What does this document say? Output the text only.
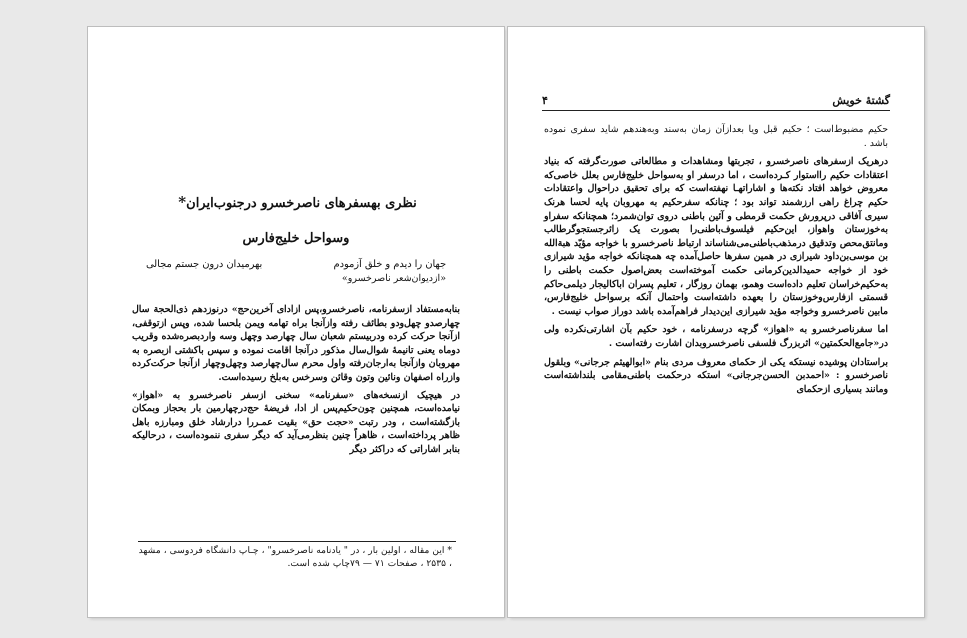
نظری بهسفرهای ناصرخسرو درجنوب‌ایران*
وسواحل خلیج‌فارس
جهان را دیدم و خلق آزمودم
بهرمیدان درون جستم مجالی
«ازدیوان‌شعر ناصرخسرو»

بنابه‌مستفاد ازسفرنامه، ناصرخسرو،پس ازادای آخرین‌حج» درنوزدهم ذی‌الحجة سال چهارصدو چهل‌ودو بطائف رفته وازآنجا براه تهامه ویمن بلحسا شده، وپس ازتوقفی، ازآنجا حرکت کرده ودربیستم شعبان سال چهارصد وچهل وسه واردبصره‌شده وقریب دوماه یعنی تانیمهٔ شوال‌سال مذکور درآنجا اقامت نموده و سپس باکشتی ازبصره به مهروبان وازآنجا به‌ارجان‌رفته واول محرم سال‌چهارصد وچهل‌وچهار ازآنجا حرکت‌کرده وازراه اصفهان ونائین وتون وقائن وسرخس به‌بلخ رسیده‌است.

در هیچیک ازنسخه‌های «سفرنامه» سخنی ازسفر ناصرخسرو به «اهواز» نیامده‌است، همچنین چون‌حکیم‌پس از ادا، فریضهٔ حج‌درچهارمین بار بحجاز وبمکان بازگشته‌است ، ودر رتبت «حجت حق» بقیت عمـررا درارشاد خلق ومبارزه باهل ظاهر پرداخته‌است ، ظاهراً چنین بنظرمی‌آید که دیگر سفری ننموده‌است ، درحالیکه بنابر اشاراتی که دراکثر دیگر

* این مقاله ، اولین بار ، در " یادنامه ناصرخسرو" ، چـاپ دانشگاه فردوسی ، مشهد ، ۲۵۳۵ ، صفحات ۷۱ — ۷۹چاپ شده است.
گشتهٔ خویش
۴

حکیم مضبوط‌است ؛ حکیم قبل ویا بعدازآن زمان به‌سند وبه‌هندهم شاید سفری نموده باشد .

درهریک ازسفرهای ناصرخسرو ، تجربتها ومشاهدات و مطالعاتی صورت‌گرفته که بنیاد اعتقادات حکیم رااستوار کـرده‌است ، اما درسفر او به‌سواحل خلیج‌فارس بعلل خاصی‌که معروض خواهد افتاد نکته‌ها و اشاراتهـا نهفته‌است که برای تحقیق دراحوال واعتقادات حکیم چراغ راهی ارزشمند تواند بود ؛ چنانکه سفرحکیم به مهروبان پایه لحسا هرنک سیری آفاقی درپرورش حکمت قرمطی و آئین باطنی دروی توان‌شمرد؛ همچنانکه سفراو به‌خوزستان واهواز، این‌حکیم فیلسوف‌باطنی‌را بصورت یک زائرجستجوگرطالب ومانتق‌محص وتدقیق درمذهب‌باطنی‌می‌شناساند ارتباط ناصرخسرو با خواجه مؤیّد هبة‌الله بن موسی‌بن‌داود شیرازی در همین سفرها حاصل‌آمده چه همچنانکه خواجه مؤید شیرازی خود از خواجه حمیدالدین‌کرمانی حکمت آموخته‌است بعض‌اصول حکمت باطنی را به‌حکیم‌خراسان تعلیم داده‌است وهمو، بهمان روزگار ، تعلیم پسران اباکالیجار دیلمی‌حاکم قسمتی ازفارس‌وخوزستان را بعهده داشته‌است واحتمال آنکه برسواحل خلیج‌فارس، مابین ناصرخسرو وخواجه مؤید شیرازی این‌دیدار فراهم‌آمده باشد دوراز صواب نیست .

اما سفرناصرخسرو به «اهواز» گرچه درسفرنامه ، خود حکیم بآن اشارتی‌نکرده ولی در«جامع‌الحکمتین» اثربزرگ فلسفی ناصرخسروبدان اشارت رفته‌است .

براستادان پوشیده نیستکه یکی از حکمای معروف مردی بنام «ابوالهیثم جرجانی» وبلقول ناصرخسرو : «احمدبن الحسن‌جرجانی» استکه درحکمت باطنی‌مقامی بلنداشته‌است ومانند بسیاری ازحکمای
